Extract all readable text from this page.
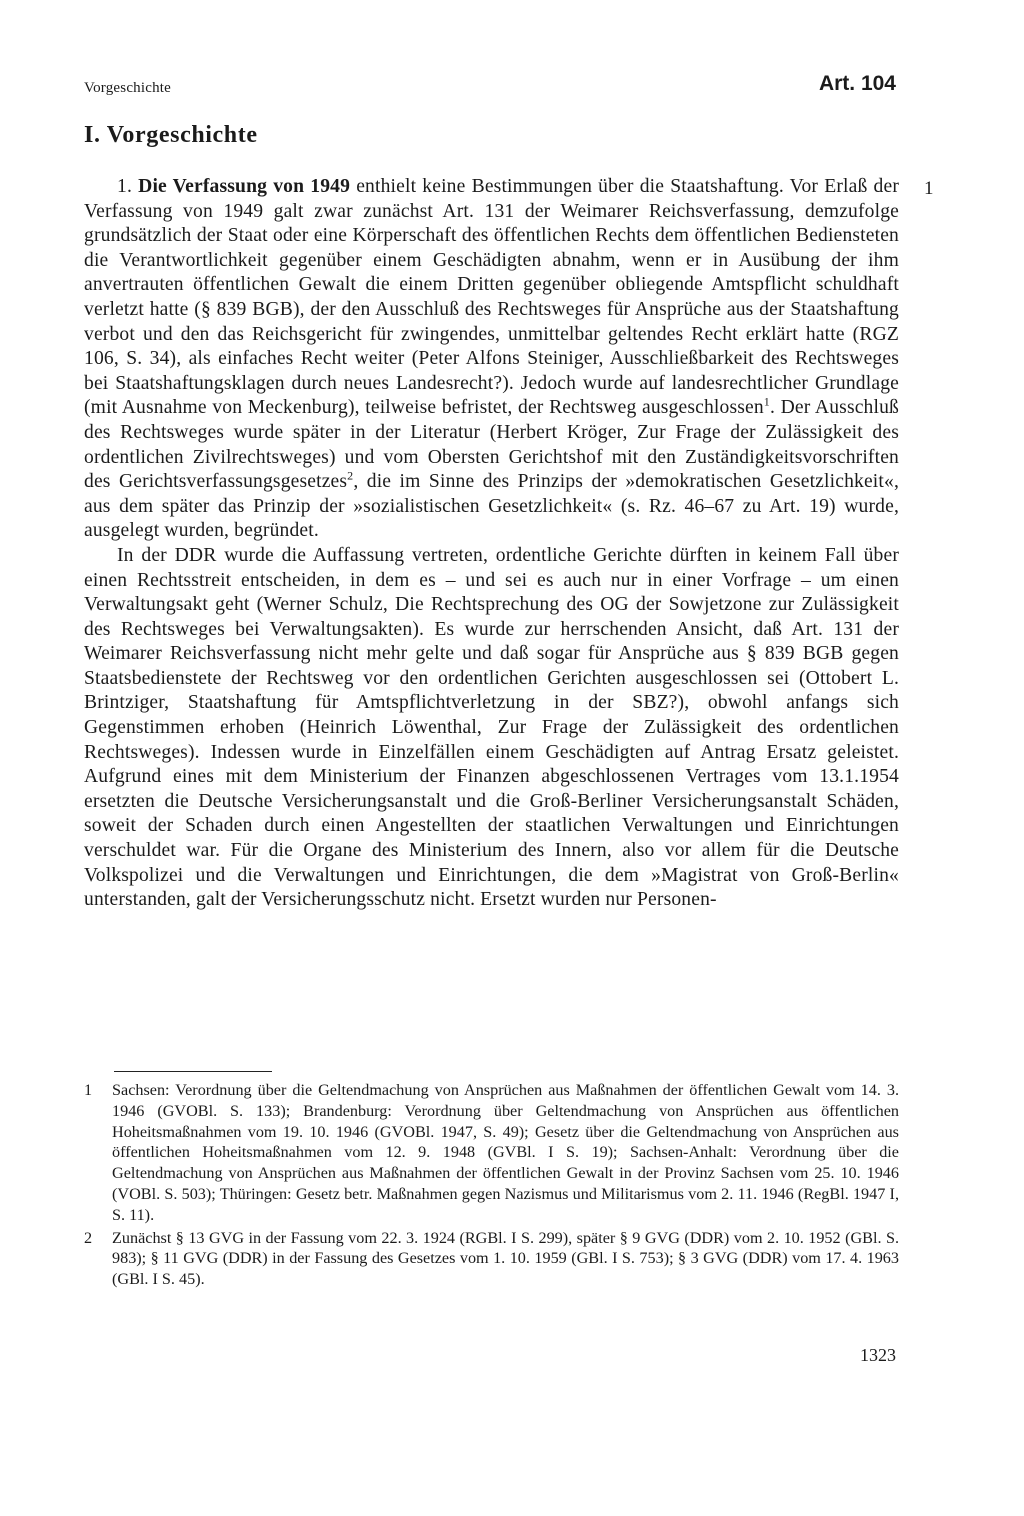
Vorgeschichte	Art. 104
I. Vorgeschichte
1

1. Die Verfassung von 1949 enthielt keine Bestimmungen über die Staatshaftung. Vor Erlaß der Verfassung von 1949 galt zwar zunächst Art. 131 der Weimarer Reichsverfassung, demzufolge grundsätzlich der Staat oder eine Körperschaft des öffentlichen Rechts dem öffentlichen Bediensteten die Verantwortlichkeit gegenüber einem Geschädigten abnahm, wenn er in Ausübung der ihm anvertrauten öffentlichen Gewalt die einem Dritten gegenüber obliegende Amtspflicht schuldhaft verletzt hatte (§ 839 BGB), der den Ausschluß des Rechtsweges für Ansprüche aus der Staatshaftung verbot und den das Reichsgericht für zwingendes, unmittelbar geltendes Recht erklärt hatte (RGZ 106, S. 34), als einfaches Recht weiter (Peter Alfons Steiniger, Ausschließbarkeit des Rechtsweges bei Staatshaftungsklagen durch neues Landesrecht?). Jedoch wurde auf landesrechtlicher Grundlage (mit Ausnahme von Meckenburg), teilweise befristet, der Rechtsweg ausgeschlossen$^1$. Der Ausschluß des Rechtsweges wurde später in der Literatur (Herbert Kröger, Zur Frage der Zulässigkeit des ordentlichen Zivilrechtsweges) und vom Obersten Gerichtshof mit den Zuständigkeitsvorschriften des Gerichtsverfassungsgesetzes$^2$, die im Sinne des Prinzips der »demokratischen Gesetzlichkeit«, aus dem später das Prinzip der »sozialistischen Gesetzlichkeit« (s. Rz. 46–67 zu Art. 19) wurde, ausgelegt wurden, begründet.

In der DDR wurde die Auffassung vertreten, ordentliche Gerichte dürften in keinem Fall über einen Rechtsstreit entscheiden, in dem es – und sei es auch nur in einer Vorfrage – um einen Verwaltungsakt geht (Werner Schulz, Die Rechtsprechung des OG der Sowjetzone zur Zulässigkeit des Rechtsweges bei Verwaltungsakten). Es wurde zur herrschenden Ansicht, daß Art. 131 der Weimarer Reichsverfassung nicht mehr gelte und daß sogar für Ansprüche aus § 839 BGB gegen Staatsbedienstete der Rechtsweg vor den ordentlichen Gerichten ausgeschlossen sei (Ottobert L. Brintziger, Staatshaftung für Amtspflichtverletzung in der SBZ?), obwohl anfangs sich Gegenstimmen erhoben (Heinrich Löwenthal, Zur Frage der Zulässigkeit des ordentlichen Rechtsweges). Indessen wurde in Einzelfällen einem Geschädigten auf Antrag Ersatz geleistet. Aufgrund eines mit dem Ministerium der Finanzen abgeschlossenen Vertrages vom 13.1.1954 ersetzten die Deutsche Versicherungsanstalt und die Groß-Berliner Versicherungsanstalt Schäden, soweit der Schaden durch einen Angestellten der staatlichen Verwaltungen und Einrichtungen verschuldet war. Für die Organe des Ministerium des Innern, also vor allem für die Deutsche Volkspolizei und die Verwaltungen und Einrichtungen, die dem »Magistrat von Groß-Berlin« unterstanden, galt der Versicherungsschutz nicht. Ersetzt wurden nur Personen-

1	Sachsen: Verordnung über die Geltendmachung von Ansprüchen aus Maßnahmen der öffentlichen Gewalt vom 14. 3. 1946 (GVOBl. S. 133); Brandenburg: Verordnung über Geltendmachung von Ansprüchen aus öffentlichen Hoheitsmaßnahmen vom 19. 10. 1946 (GVOBl. 1947, S. 49); Gesetz über die Geltendmachung von Ansprüchen aus öffentlichen Hoheitsmaßnahmen vom 12. 9. 1948 (GVBl. I S. 19); Sachsen-Anhalt: Verordnung über die Geltendmachung von Ansprüchen aus Maßnahmen der öffentlichen Gewalt in der Provinz Sachsen vom 25. 10. 1946 (VOBl. S. 503); Thüringen: Gesetz betr. Maßnahmen gegen Nazismus und Militarismus vom 2. 11. 1946 (RegBl. 1947 I, S. 11).
2	Zunächst § 13 GVG in der Fassung vom 22. 3. 1924 (RGBl. I S. 299), später § 9 GVG (DDR) vom 2. 10. 1952 (GBl. S. 983); § 11 GVG (DDR) in der Fassung des Gesetzes vom 1. 10. 1959 (GBl. I S. 753); § 3 GVG (DDR) vom 17. 4. 1963 (GBl. I S. 45).
1323
